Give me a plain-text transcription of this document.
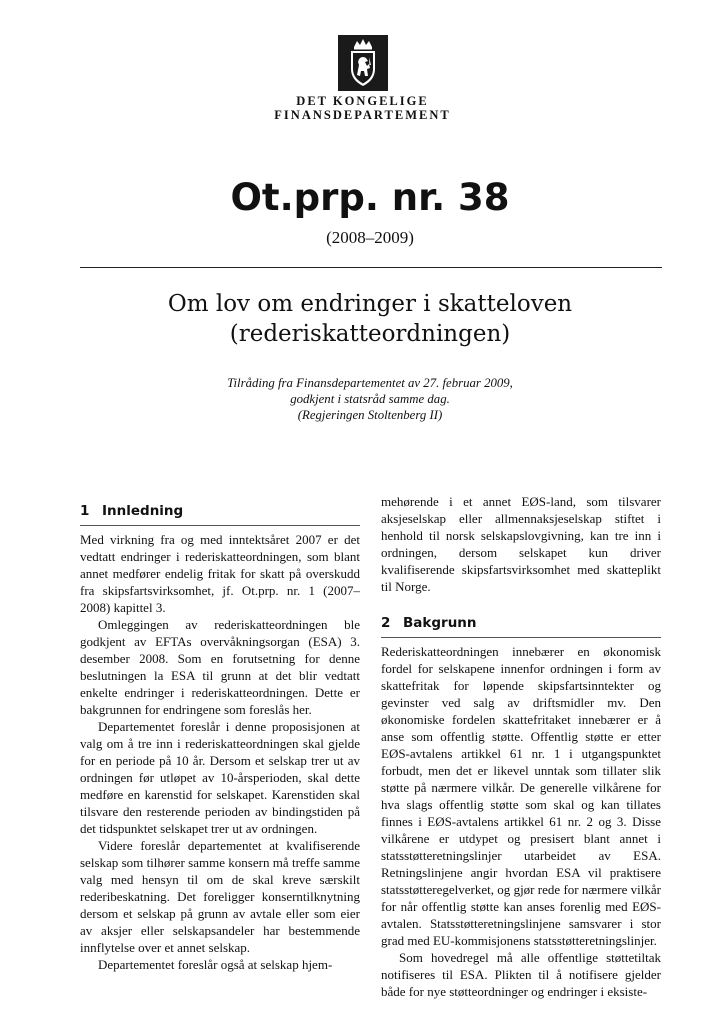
DET KONGELIGE
FINANSDEPARTEMENT
Ot.prp. nr. 38
(2008–2009)
Om lov om endringer i skatteloven
(rederiskatteordningen)
Tilråding fra Finansdepartementet av 27. februar 2009,
godkjent i statsråd samme dag.
(Regjeringen Stoltenberg II)
1 Innledning

Med virkning fra og med inntektsåret 2007 er det vedtatt endringer i rederiskatteordningen, som blant annet medfører endelig fritak for skatt på overskudd fra skipsfartsvirksomhet, jf. Ot.prp. nr. 1 (2007–2008) kapittel 3.

Omleggingen av rederiskatteordningen ble godkjent av EFTAs overvåkningsorgan (ESA) 3. desember 2008. Som en forutsetning for denne beslutningen la ESA til grunn at det blir vedtatt enkelte endringer i rederiskatteordningen. Dette er bakgrunnen for endringene som foreslås her.

Departementet foreslår i denne proposisjonen at valg om å tre inn i rederiskatteordningen skal gjelde for en periode på 10 år. Dersom et selskap trer ut av ordningen før utløpet av 10-årsperioden, skal dette medføre en karenstid for selskapet. Karenstiden skal tilsvare den resterende perioden av bindingstiden på det tidspunktet selskapet trer ut av ordningen.

Videre foreslår departementet at kvalifiserende selskap som tilhører samme konsern må treffe samme valg med hensyn til om de skal kreve særskilt rederibeskatning. Det foreligger konserntilknytning dersom et selskap på grunn av avtale eller som eier av aksjer eller selskapsandeler har bestemmende innflytelse over et annet selskap.

Departementet foreslår også at selskap hjem-

mehørende i et annet EØS-land, som tilsvarer aksjeselskap eller allmennaksjeselskap stiftet i henhold til norsk selskapslovgivning, kan tre inn i ordningen, dersom selskapet kun driver kvalifiserende skipsfartsvirksomhet med skatteplikt til Norge.

2 Bakgrunn

Rederiskatteordningen innebærer en økonomisk fordel for selskapene innenfor ordningen i form av skattefritak for løpende skipsfartsinntekter og gevinster ved salg av driftsmidler mv. Den økonomiske fordelen skattefritaket innebærer er å anse som offentlig støtte. Offentlig støtte er etter EØS-avtalens artikkel 61 nr. 1 i utgangspunktet forbudt, men det er likevel unntak som tillater slik støtte på nærmere vilkår. De generelle vilkårene for hva slags offentlig støtte som skal og kan tillates finnes i EØS-avtalens artikkel 61 nr. 2 og 3. Disse vilkårene er utdypet og presisert blant annet i statsstøtteretningslinjer utarbeidet av ESA. Retningslinjene angir hvordan ESA vil praktisere statsstøtteregelverket, og gjør rede for nærmere vilkår for når offentlig støtte kan anses forenlig med EØS-avtalen. Statsstøtteretningslinjene samsvarer i stor grad med EU-kommisjonens statsstøtteretningslinjer.

Som hovedregel må alle offentlige støttetiltak notifiseres til ESA. Plikten til å notifisere gjelder både for nye støtteordninger og endringer i eksiste-
